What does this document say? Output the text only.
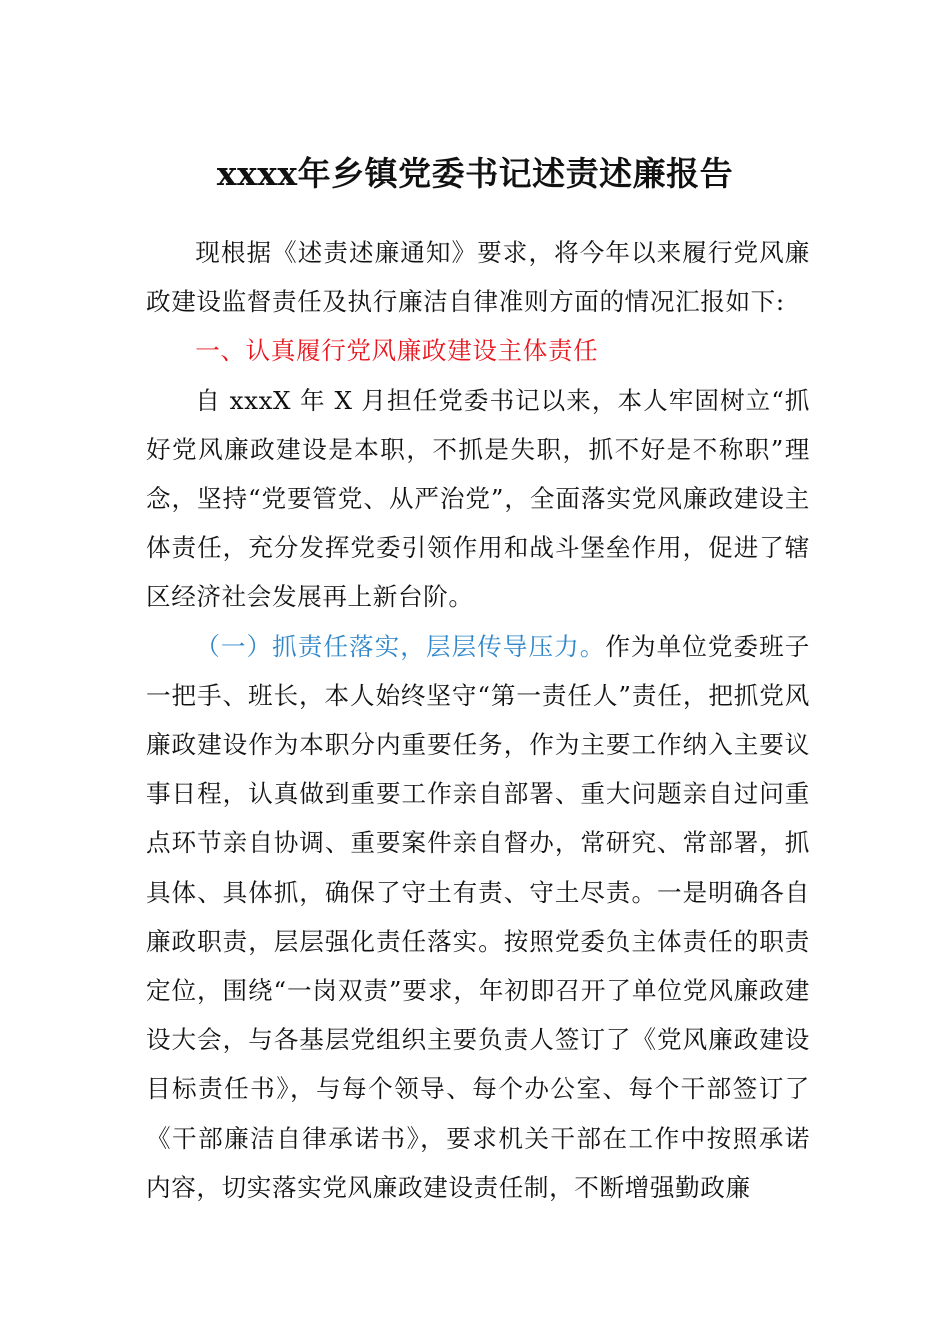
xxxx年乡镇党委书记述责述廉报告

现根据《述责述廉通知》要求，将今年以来履行党风廉政建设监督责任及执行廉洁自律准则方面的情况汇报如下:

一、认真履行党风廉政建设主体责任

自 xxxX 年 X 月担任党委书记以来，本人牢固树立“抓好党风廉政建设是本职，不抓是失职，抓不好是不称职”理念，坚持“党要管党、从严治党”，全面落实党风廉政建设主体责任，充分发挥党委引领作用和战斗堡垒作用，促进了辖区经济社会发展再上新台阶。

（一）抓责任落实，层层传导压力。作为单位党委班子一把手、班长，本人始终坚守“第一责任人”责任，把抓党风廉政建设作为本职分内重要任务，作为主要工作纳入主要议事日程，认真做到重要工作亲自部署、重大问题亲自过问重点环节亲自协调、重要案件亲自督办，常研究、常部署，抓具体、具体抓，确保了守土有责、守土尽责。一是明确各自廉政职责，层层强化责任落实。按照党委负主体责任的职责定位，围绕“一岗双责”要求，年初即召开了单位党风廉政建设大会，与各基层党组织主要负责人签订了《党风廉政建设目标责任书》，与每个领导、每个办公室、每个干部签订了《干部廉洁自律承诺书》，要求机关干部在工作中按照承诺内容，切实落实党风廉政建设责任制，不断增强勤政廉
